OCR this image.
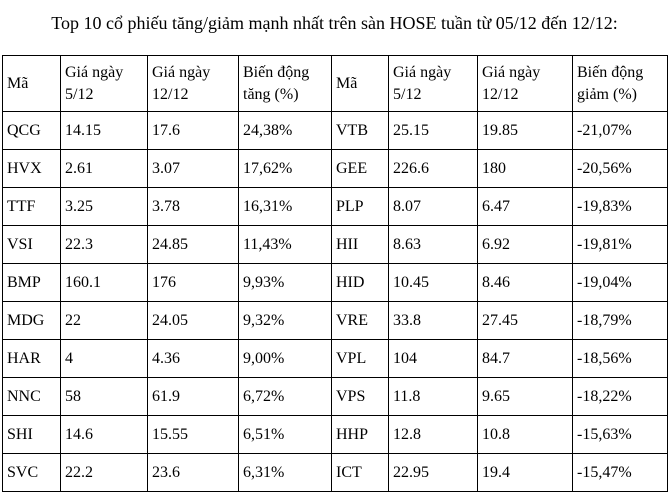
Top 10 cổ phiếu tăng/giảm mạnh nhất trên sàn HOSE tuần từ 05/12 đến 12/12:
Mã	Giá ngày 5/12	Giá ngày 12/12	Biến động tăng (%)	Mã	Giá ngày 5/12	Giá ngày 12/12	Biến động giảm (%)
QCG	14.15	17.6	24,38%	VTB	25.15	19.85	-21,07%
HVX	2.61	3.07	17,62%	GEE	226.6	180	-20,56%
TTF	3.25	3.78	16,31%	PLP	8.07	6.47	-19,83%
VSI	22.3	24.85	11,43%	HII	8.63	6.92	-19,81%
BMP	160.1	176	9,93%	HID	10.45	8.46	-19,04%
MDG	22	24.05	9,32%	VRE	33.8	27.45	-18,79%
HAR	4	4.36	9,00%	VPL	104	84.7	-18,56%
NNC	58	61.9	6,72%	VPS	11.8	9.65	-18,22%
SHI	14.6	15.55	6,51%	HHP	12.8	10.8	-15,63%
SVC	22.2	23.6	6,31%	ICT	22.95	19.4	-15,47%
